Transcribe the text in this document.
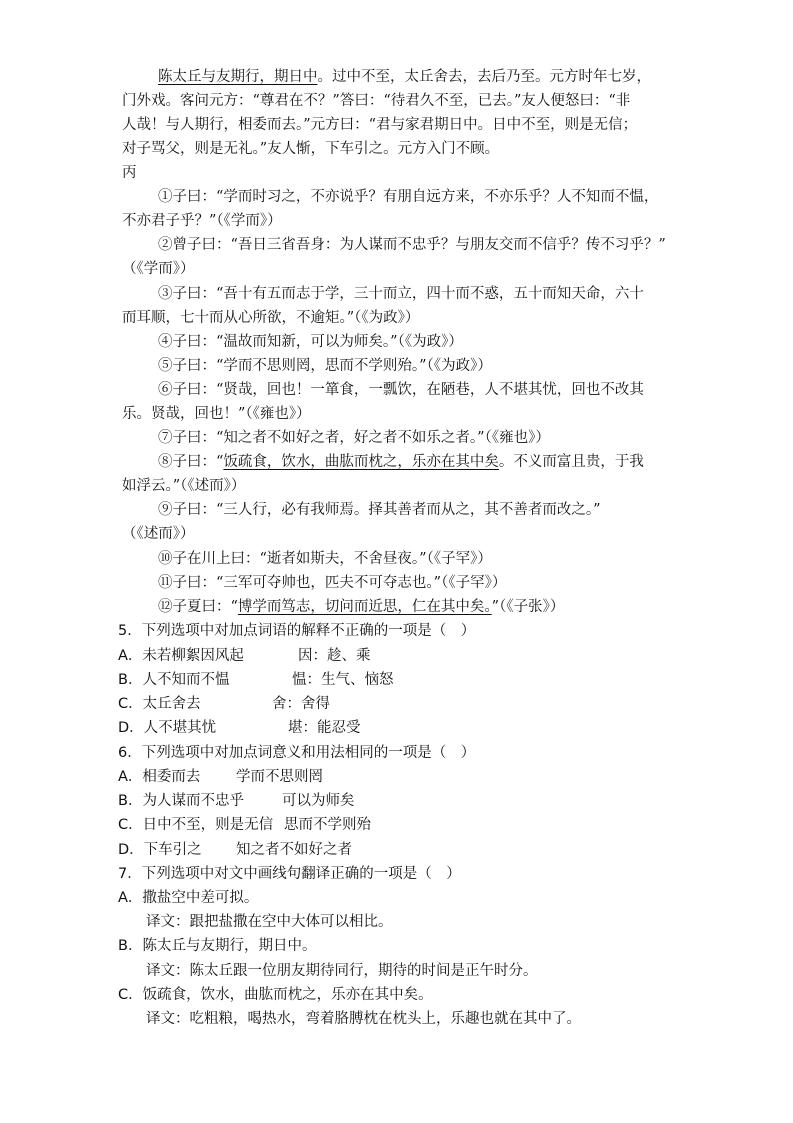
陈太丘与友期行，期日中。过中不至，太丘舍去，去后乃至。元方时年七岁，
门外戏。客问元方：“尊君在不？”答曰：“待君久不至，已去。”友人便怒曰：“非
人哉！与人期行，相委而去。”元方曰：“君与家君期日中。日中不至，则是无信；
对子骂父，则是无礼。”友人惭，下车引之。元方入门不顾。
丙
①子曰：“学而时习之，不亦说乎？有朋自远方来，不亦乐乎？人不知而不愠，
不亦君子乎？”（《学而》）
②曾子曰：“吾日三省吾身：为人谋而不忠乎？与朋友交而不信乎？传不习乎？”
（《学而》）
③子曰：“吾十有五而志于学，三十而立，四十而不惑，五十而知天命，六十
而耳顺，七十而从心所欲，不逾矩。”（《为政》）
④子曰：“温故而知新，可以为师矣。”（《为政》）
⑤子曰：“学而不思则罔，思而不学则殆。”（《为政》）
⑥子曰：“贤哉，回也！一箪食，一瓢饮，在陋巷，人不堪其忧，回也不改其
乐。贤哉，回也！”（《雍也》）
⑦子曰：“知之者不如好之者，好之者不如乐之者。”（《雍也》）
⑧子曰：“饭疏食，饮水，曲肱而枕之，乐亦在其中矣。不义而富且贵，于我
如浮云。”（《述而》）
⑨子曰：“三人行，必有我师焉。择其善者而从之，其不善者而改之。”
（《述而》）
⑩子在川上曰：“逝者如斯夫，不舍昼夜。”（《子罕》）
⑪子曰：“三军可夺帅也，匹夫不可夺志也。”（《子罕》）
⑫子夏曰：“博学而笃志，切问而近思，仁在其中矣。”（《子张》）
5．下列选项中对加点词语的解释不正确的一项是（　）
A．未若柳絮因风起	因：趁、乘
B．人不知而不愠	愠：生气、恼怒
C．太丘舍去	舍：舍得
D．人不堪其忧	堪：能忍受
6．下列选项中对加点词意义和用法相同的一项是（　）
A．相委而去 学而不思则罔
B．为人谋而不忠乎	可以为师矣
C．日中不至，则是无信 思而不学则殆
D．下车引之 知之者不如好之者
7．下列选项中对文中画线句翻译正确的一项是（　）
A．撒盐空中差可拟。
译文：跟把盐撒在空中大体可以相比。
B．陈太丘与友期行，期日中。
译文：陈太丘跟一位朋友期待同行，期待的时间是正午时分。
C．饭疏食，饮水，曲肱而枕之，乐亦在其中矣。
译文：吃粗粮，喝热水，弯着胳膊枕在枕头上，乐趣也就在其中了。
